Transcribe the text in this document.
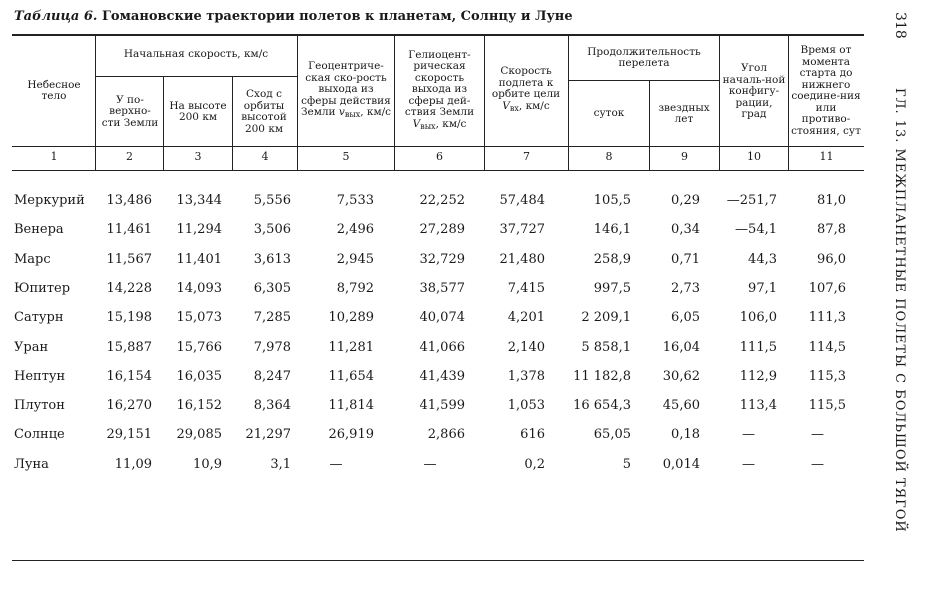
Таблица 6. Гомановские траектории полетов к планетам, Солнцу и Луне	318
ГЛ. 13. МЕЖПЛАНЕТНЫЕ ПОЛЕТЫ С БОЛЬШОЙ ТЯГОЙ
Небесное тело
Начальная скорость, км/с
У по-верхно-сти Земли
На высоте 200 км
Сход с орбиты высотой 200 км
Геоцентриче-ская ско-рость выхода из сферы действия Земли $v_{вых}$, км/с
Гелиоцент-рическая скорость выхода из сферы дей-ствия Земли $V_{вых}$, км/с
Скорость подлета к орбите цели $V_{вх}$, км/с
Продолжительность перелета
суток	звездных лет
Угол началь-ной конфигу-рации, град
Время от момента старта до нижнего соедине-ния или противо-стояния, сут
1	2	3	4	5	6	7	8	9	10	11
Меркурий	13,486	13,344	5,556	7,533	22,252	57,484	105,5	0,29	—251,7	81,0
Венера	11,461	11,294	3,506	2,496	27,289	37,727	146,1	0,34	—54,1	87,8
Марс	11,567	11,401	3,613	2,945	32,729	21,480	258,9	0,71	44,3	96,0
Юпитер	14,228	14,093	6,305	8,792	38,577	7,415	997,5	2,73	97,1	107,6
Сатурн	15,198	15,073	7,285	10,289	40,074	4,201	2 209,1	6,05	106,0	111,3
Уран	15,887	15,766	7,978	11,281	41,066	2,140	5 858,1	16,04	111,5	114,5
Нептун	16,154	16,035	8,247	11,654	41,439	1,378	11 182,8	30,62	112,9	115,3
Плутон	16,270	16,152	8,364	11,814	41,599	1,053	16 654,3	45,60	113,4	115,5
Солнце	29,151	29,085	21,297	26,919	2,866	616	65,05	0,18	—	—
Луна	11,09	10,9	3,1	—	—	0,2	5	0,014	—	—
